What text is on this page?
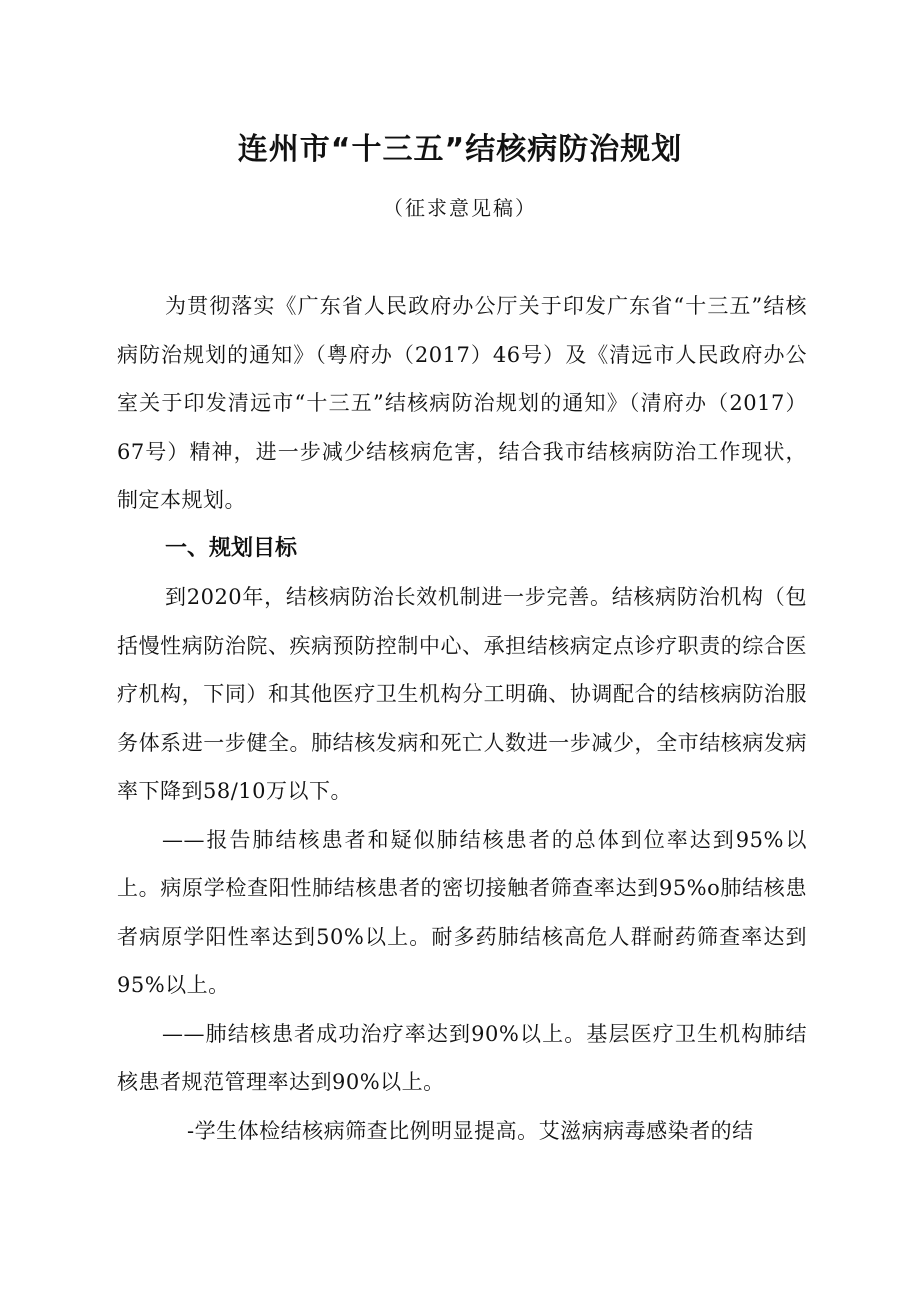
连州市“十三五”结核病防治规划

（征求意见稿）

为贯彻落实《广东省人民政府办公厅关于印发广东省“十三五”结核病防治规划的通知》（粤府办（2017）46号）及《清远市人民政府办公室关于印发清远市“十三五”结核病防治规划的通知》（清府办（2017）67号）精神，进一步减少结核病危害，结合我市结核病防治工作现状，制定本规划。

一、规划目标

到2020年，结核病防治长效机制进一步完善。结核病防治机构（包括慢性病防治院、疾病预防控制中心、承担结核病定点诊疗职责的综合医疗机构，下同）和其他医疗卫生机构分工明确、协调配合的结核病防治服务体系进一步健全。肺结核发病和死亡人数进一步减少，全市结核病发病率下降到58/10万以下。

——报告肺结核患者和疑似肺结核患者的总体到位率达到95%以上。病原学检查阳性肺结核患者的密切接触者筛查率达到95%o肺结核患者病原学阳性率达到50%以上。耐多药肺结核高危人群耐药筛查率达到95%以上。

——肺结核患者成功治疗率达到90%以上。基层医疗卫生机构肺结核患者规范管理率达到90%以上。

-学生体检结核病筛查比例明显提高。艾滋病病毒感染者的结
